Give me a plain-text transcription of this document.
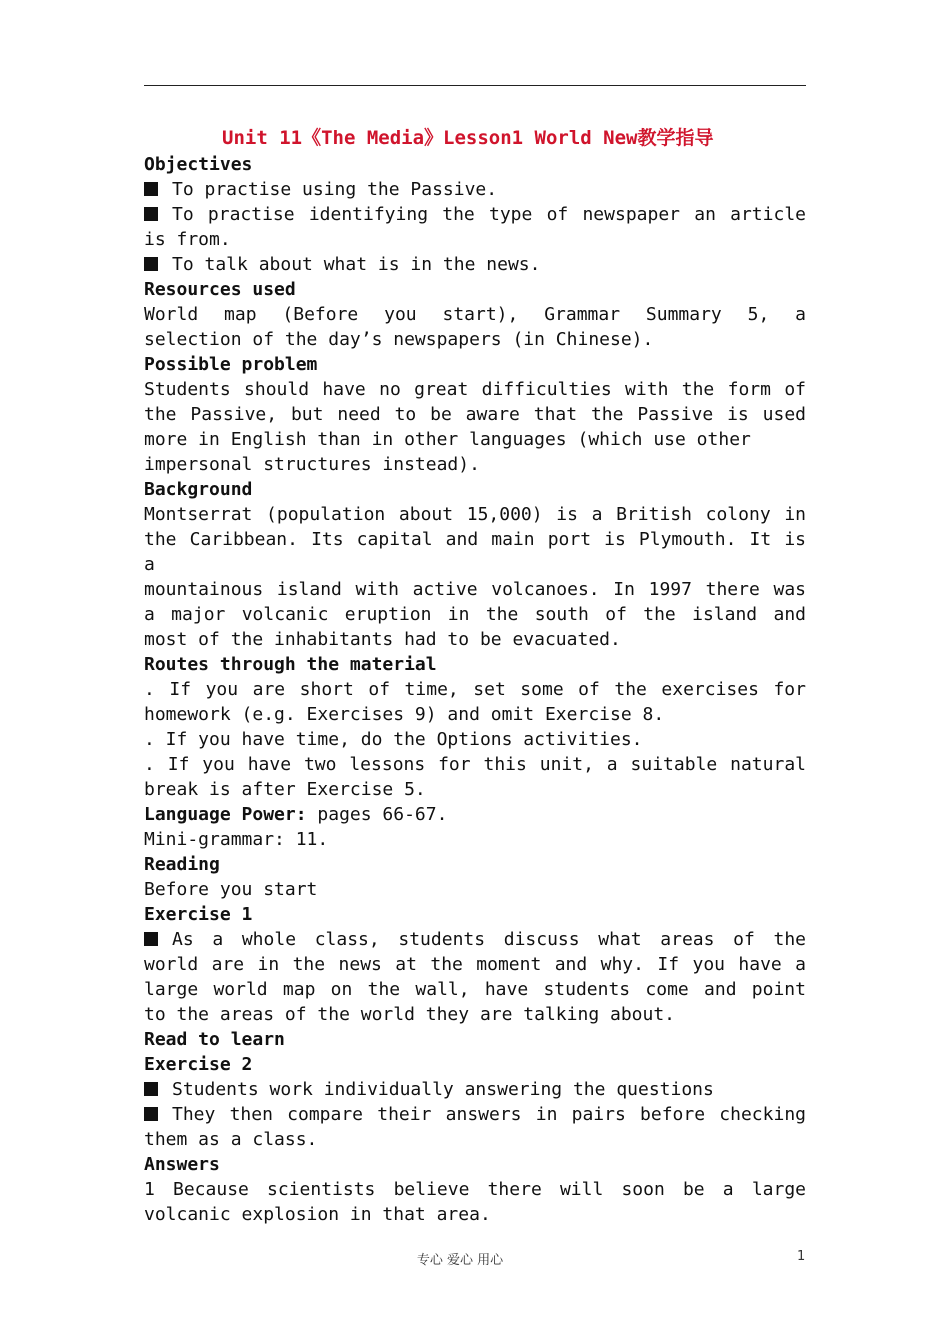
Unit 11《The Media》Lesson1 World New教学指导
Objectives
To practise using the Passive.
To practise identifying the type of newspaper an article
is from.
To talk about what is in the news.
Resources used
World map (Before you start), Grammar Summary 5, a
selection of the day’s newspapers (in Chinese).
Possible problem
Students should have no great difficulties with the form of
the Passive, but need to be aware that the Passive is used
more in English than in other languages (which use other
impersonal structures instead).
Background
Montserrat (population about 15,000) is a British colony in
the Caribbean. Its capital and main port is Plymouth. It is
a
mountainous island with active volcanoes. In 1997 there was
a major volcanic eruption in the south of the island and
most of the inhabitants had to be evacuated.
Routes through the material
. If you are short of time, set some of the exercises for
homework (e.g. Exercises 9) and omit Exercise 8.
. If you have time, do the Options activities.
. If you have two lessons for this unit, a suitable natural
break is after Exercise 5.
Language Power: pages 66-67.
Mini-grammar: 11.
Reading
Before you start
Exercise 1
As a whole class, students discuss what areas of the
world are in the news at the moment and why. If you have a
large world map on the wall, have students come and point
to the areas of the world they are talking about.
Read to learn
Exercise 2
Students work individually answering the questions
They then compare their answers in pairs before checking
them as a class.
Answers
1 Because scientists believe there will soon be a large
volcanic explosion in that area.
专心 爱心 用心	1
